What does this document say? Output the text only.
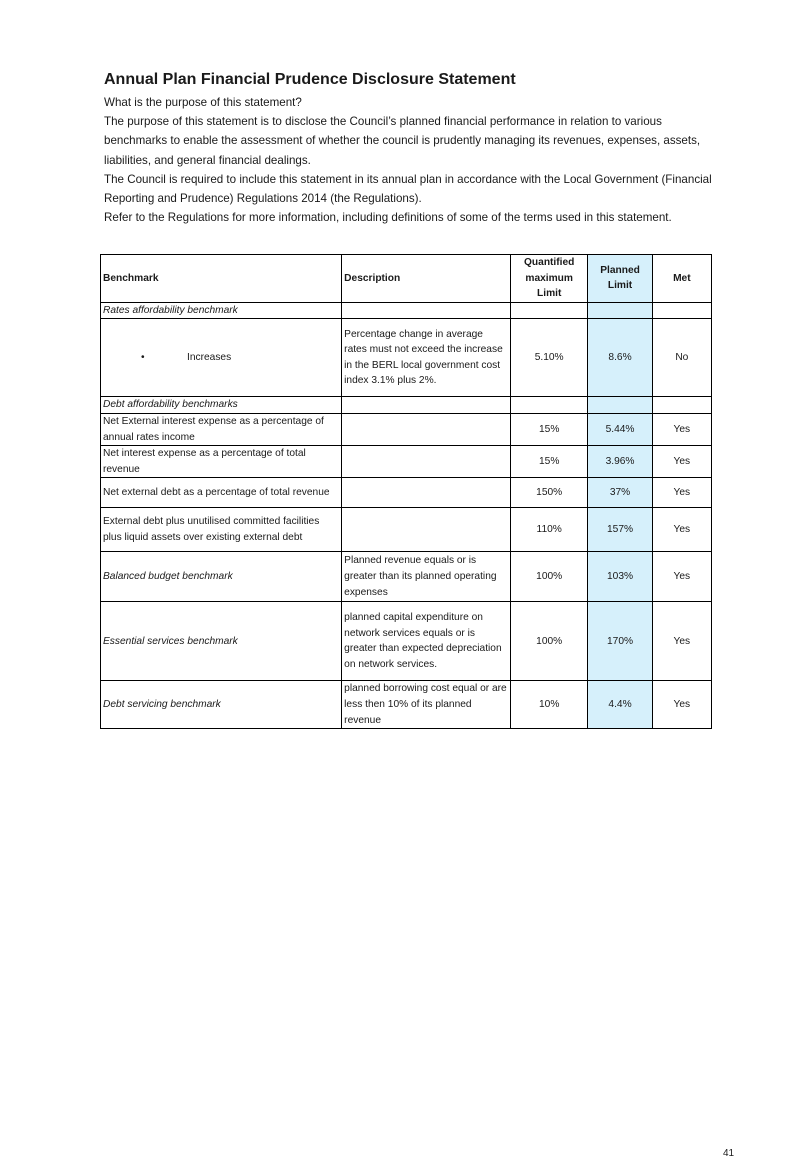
Annual Plan Financial Prudence Disclosure Statement

What is the purpose of this statement?

The purpose of this statement is to disclose the Council’s planned financial performance in relation to various benchmarks to enable the assessment of whether the council is prudently managing its revenues, expenses, assets, liabilities, and general financial dealings.

The Council is required to include this statement in its annual plan in accordance with the Local Government (Financial Reporting and Prudence) Regulations 2014 (the Regulations).

Refer to the Regulations for more information, including definitions of some of the terms used in this statement.

Benchmark	Description	Quantified maximum Limit	Planned Limit	Met
Rates affordability benchmark				
• Increases	Percentage change in average rates must not exceed the increase in the BERL local government cost index 3.1% plus 2%.	5.10%	8.6%	No
Debt affordability benchmarks				
Net External interest expense as a percentage of annual rates income		15%	5.44%	Yes
Net interest expense as a percentage of total revenue		15%	3.96%	Yes
Net external debt as a percentage of total revenue		150%	37%	Yes
External debt plus unutilised committed facilities plus liquid assets over existing external debt		110%	157%	Yes
Balanced budget benchmark	Planned revenue equals or is greater than its planned operating expenses	100%	103%	Yes
Essential services benchmark	planned capital expenditure on network services equals or is greater than expected depreciation on network services.	100%	170%	Yes
Debt servicing benchmark	planned borrowing cost equal or are less then 10% of its planned revenue	10%	4.4%	Yes
41
